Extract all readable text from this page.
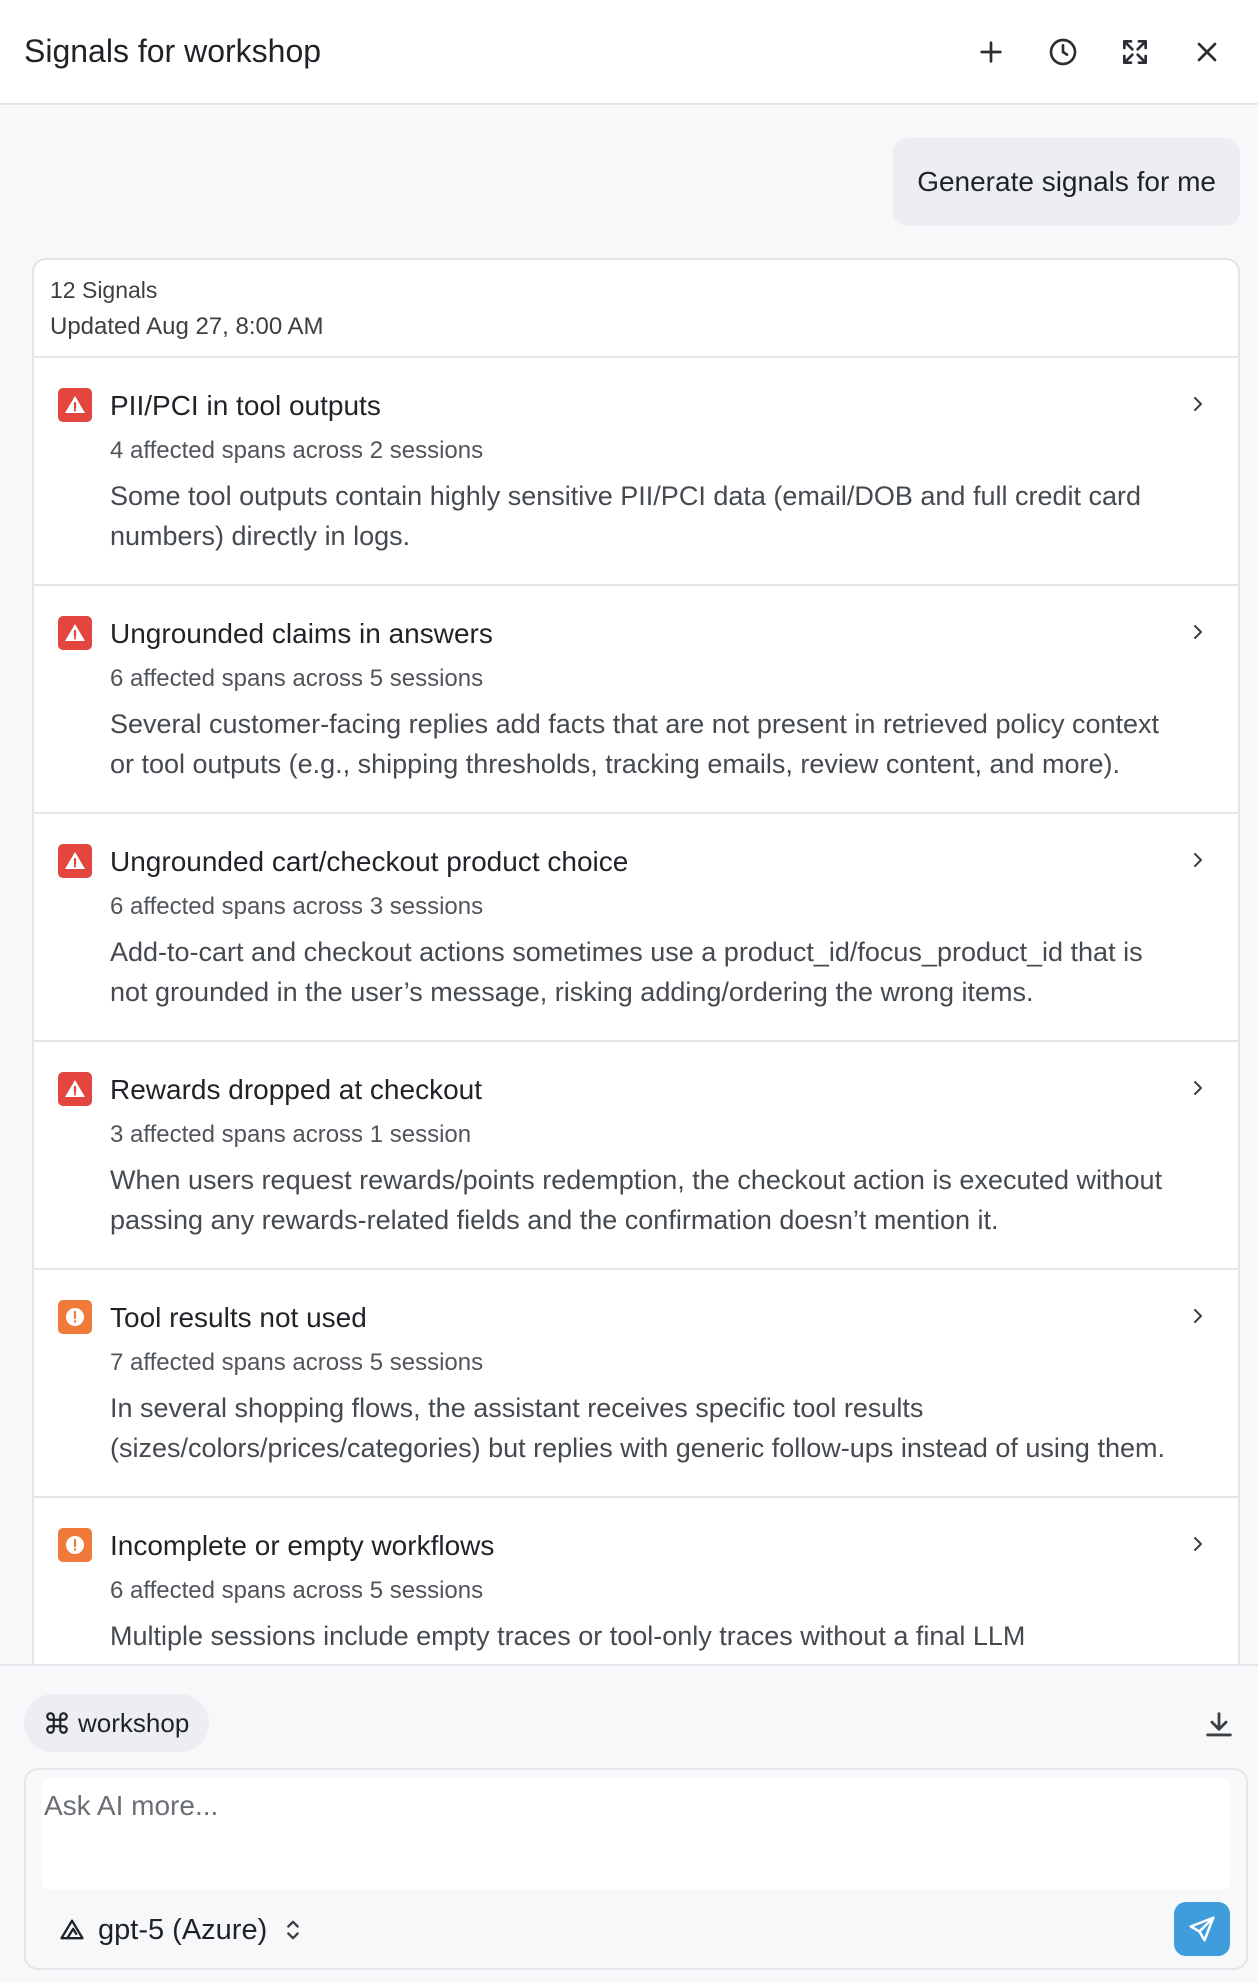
Signals for workshop
Generate signals for me
12 Signals
Updated Aug 27, 8:00 AM
PII/PCI in tool outputs
4 affected spans across 2 sessions
Some tool outputs contain highly sensitive PII/PCI data (email/DOB and full credit card numbers) directly in logs.
Ungrounded claims in answers
6 affected spans across 5 sessions
Several customer-facing replies add facts that are not present in retrieved policy context or tool outputs (e.g., shipping thresholds, tracking emails, review content, and more).
Ungrounded cart/checkout product choice
6 affected spans across 3 sessions
Add-to-cart and checkout actions sometimes use a product_id/focus_product_id that is not grounded in the user’s message, risking adding/ordering the wrong items.
Rewards dropped at checkout
3 affected spans across 1 session
When users request rewards/points redemption, the checkout action is executed without passing any rewards-related fields and the confirmation doesn’t mention it.
Tool results not used
7 affected spans across 5 sessions
In several shopping flows, the assistant receives specific tool results (sizes/colors/prices/categories) but replies with generic follow-ups instead of using them.
Incomplete or empty workflows
6 affected spans across 5 sessions
Multiple sessions include empty traces or tool-only traces without a final LLM
workshop
Ask AI more...
gpt-5 (Azure)
